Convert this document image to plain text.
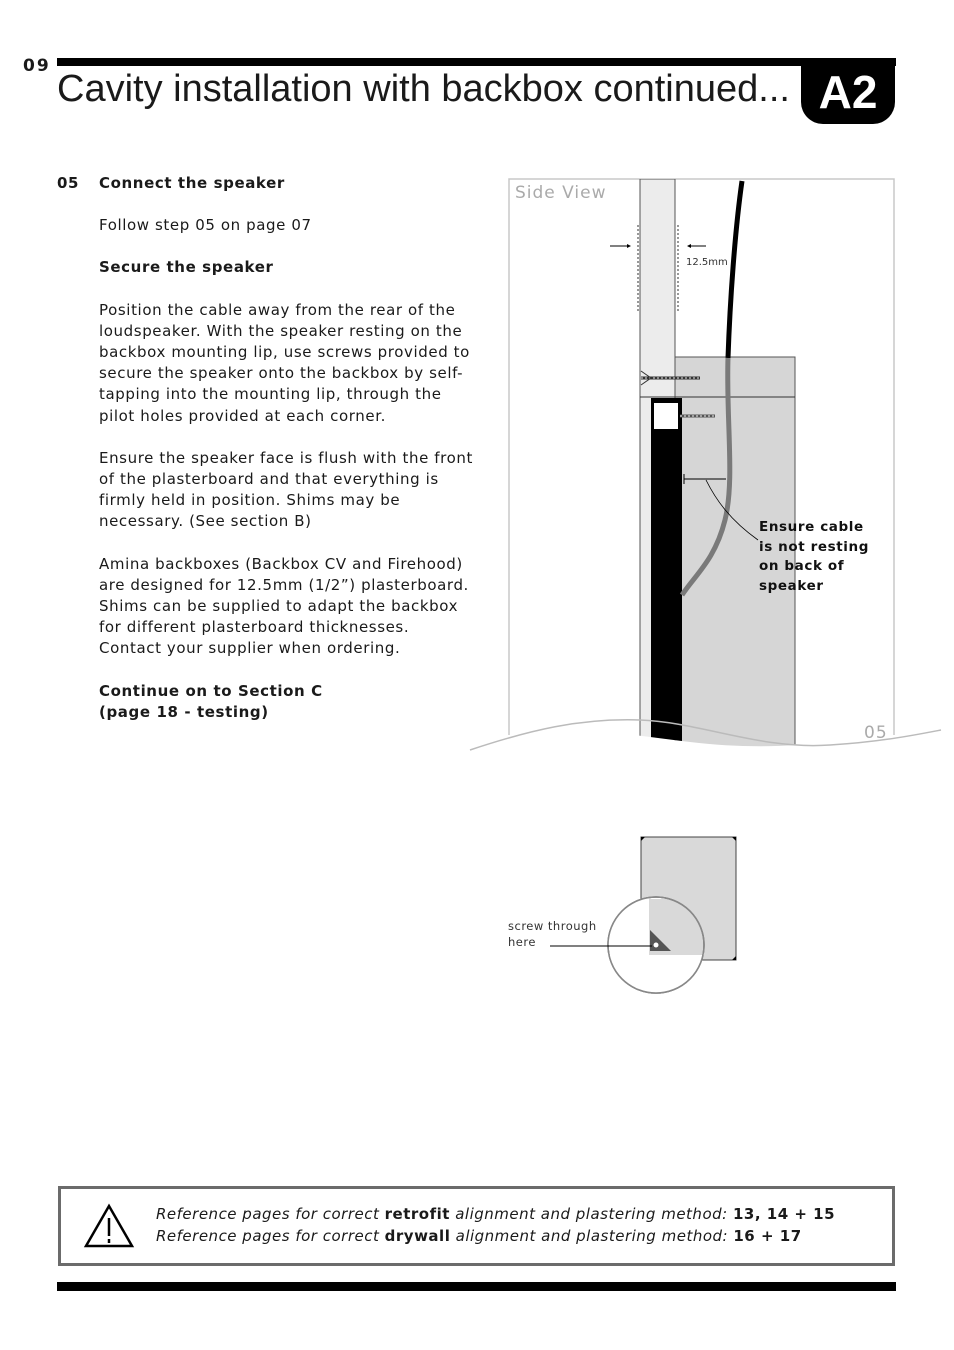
09
Cavity installation with backbox continued... A2
05	Connect the speaker

Follow step 05 on page 07

Secure the speaker

Position the cable away from the rear of the loudspeaker. With the speaker resting on the backbox mounting lip, use screws provided to secure the speaker onto the backbox by self-tapping into the mounting lip, through the pilot holes provided at each corner.

Ensure the speaker face is flush with the front of the plasterboard and that everything is firmly held in position. Shims may be necessary. (See section B)

Amina backboxes (Backbox CV and Firehood) are designed for 12.5mm (1/2”) plasterboard.

Shims can be supplied to adapt the backbox for different plasterboard thicknesses.

Contact your supplier when ordering.

Continue on to Section C

(page 18 - testing)

12.5mm
Side View
Ensure cable
is not resting
on back of
speaker
05
screw through
here
Reference pages for correct retrofit alignment and plastering method: 13, 14 + 15
Reference pages for correct drywall alignment and plastering method: 16 + 17
